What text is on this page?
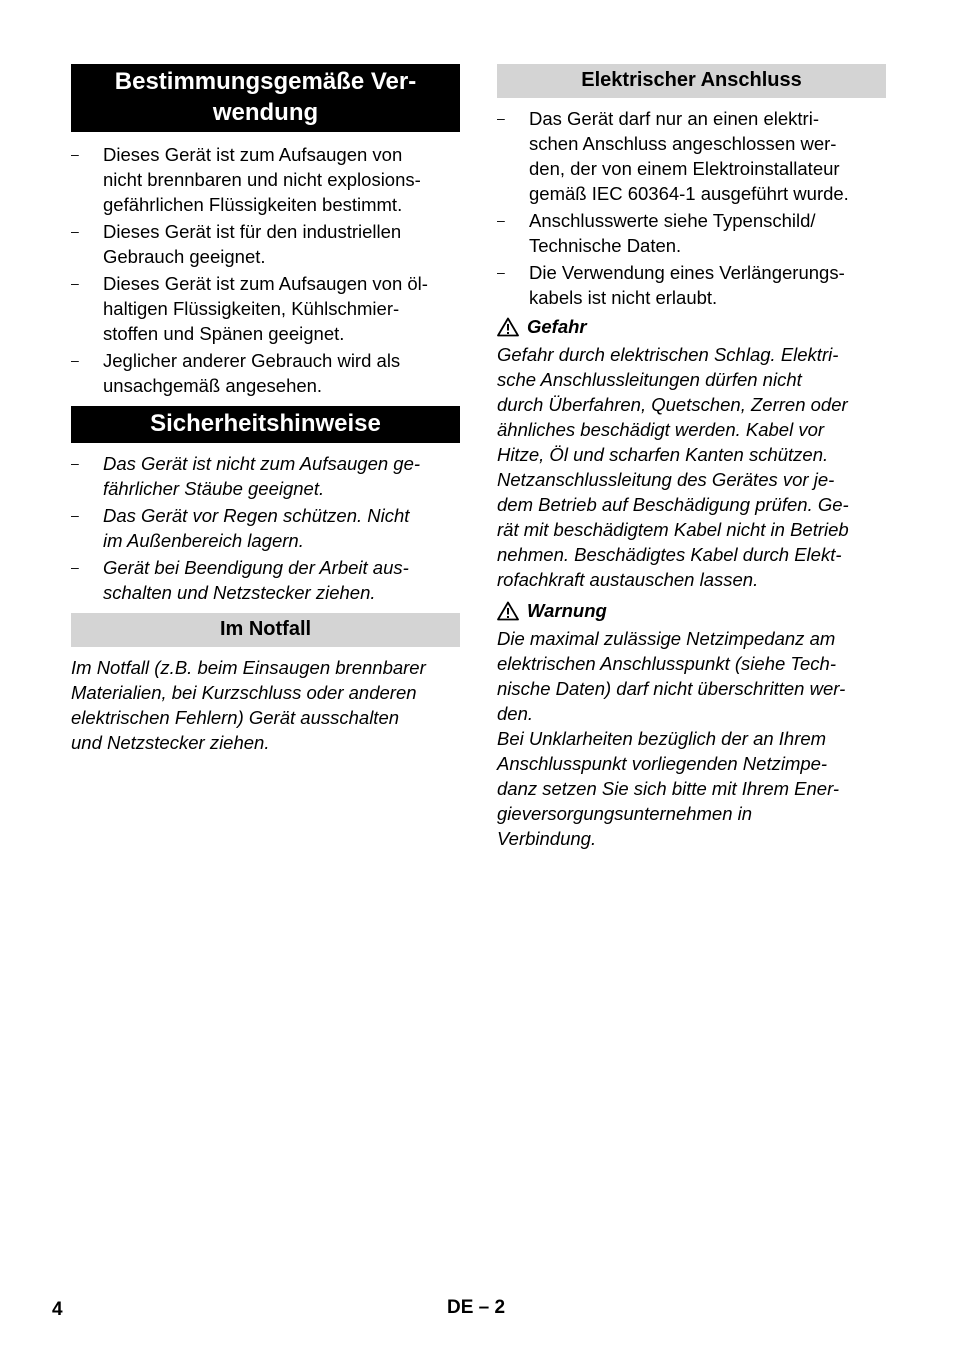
Bestimmungsgemäße Ver-
wendung
– Dieses Gerät ist zum Aufsaugen von
nicht brennbaren und nicht explosions-
gefährlichen Flüssigkeiten bestimmt.
– Dieses Gerät ist für den industriellen
Gebrauch geeignet.
– Dieses Gerät ist zum Aufsaugen von öl-
haltigen Flüssigkeiten, Kühlschmier-
stoffen und Spänen geeignet.
– Jeglicher anderer Gebrauch wird als
unsachgemäß angesehen.
Sicherheitshinweise
– Das Gerät ist nicht zum Aufsaugen ge-
fährlicher Stäube geeignet.
– Das Gerät vor Regen schützen. Nicht
im Außenbereich lagern.
– Gerät bei Beendigung der Arbeit aus-
schalten und Netzstecker ziehen.
Im Notfall

Im Notfall (z.B. beim Einsaugen brennbarer
Materialien, bei Kurzschluss oder anderen
elektrischen Fehlern) Gerät ausschalten
und Netzstecker ziehen.

Elektrischer Anschluss
– Das Gerät darf nur an einen elektri-
schen Anschluss angeschlossen wer-
den, der von einem Elektroinstallateur
gemäß IEC 60364-1 ausgeführt wurde.
– Anschlusswerte siehe Typenschild/
Technische Daten.
– Die Verwendung eines Verlängerungs-
kabels ist nicht erlaubt.
Gefahr

Gefahr durch elektrischen Schlag. Elektri-
sche Anschlussleitungen dürfen nicht
durch Überfahren, Quetschen, Zerren oder
ähnliches beschädigt werden. Kabel vor
Hitze, Öl und scharfen Kanten schützen.
Netzanschlussleitung des Gerätes vor je-
dem Betrieb auf Beschädigung prüfen. Ge-
rät mit beschädigtem Kabel nicht in Betrieb
nehmen. Beschädigtes Kabel durch Elekt-
rofachkraft austauschen lassen.

Warnung

Die maximal zulässige Netzimpedanz am
elektrischen Anschlusspunkt (siehe Tech-
nische Daten) darf nicht überschritten wer-
den.
Bei Unklarheiten bezüglich der an Ihrem
Anschlusspunkt vorliegenden Netzimpe-
danz setzen Sie sich bitte mit Ihrem Ener-
gieversorgungsunternehmen in
Verbindung.

4	DE – 2
